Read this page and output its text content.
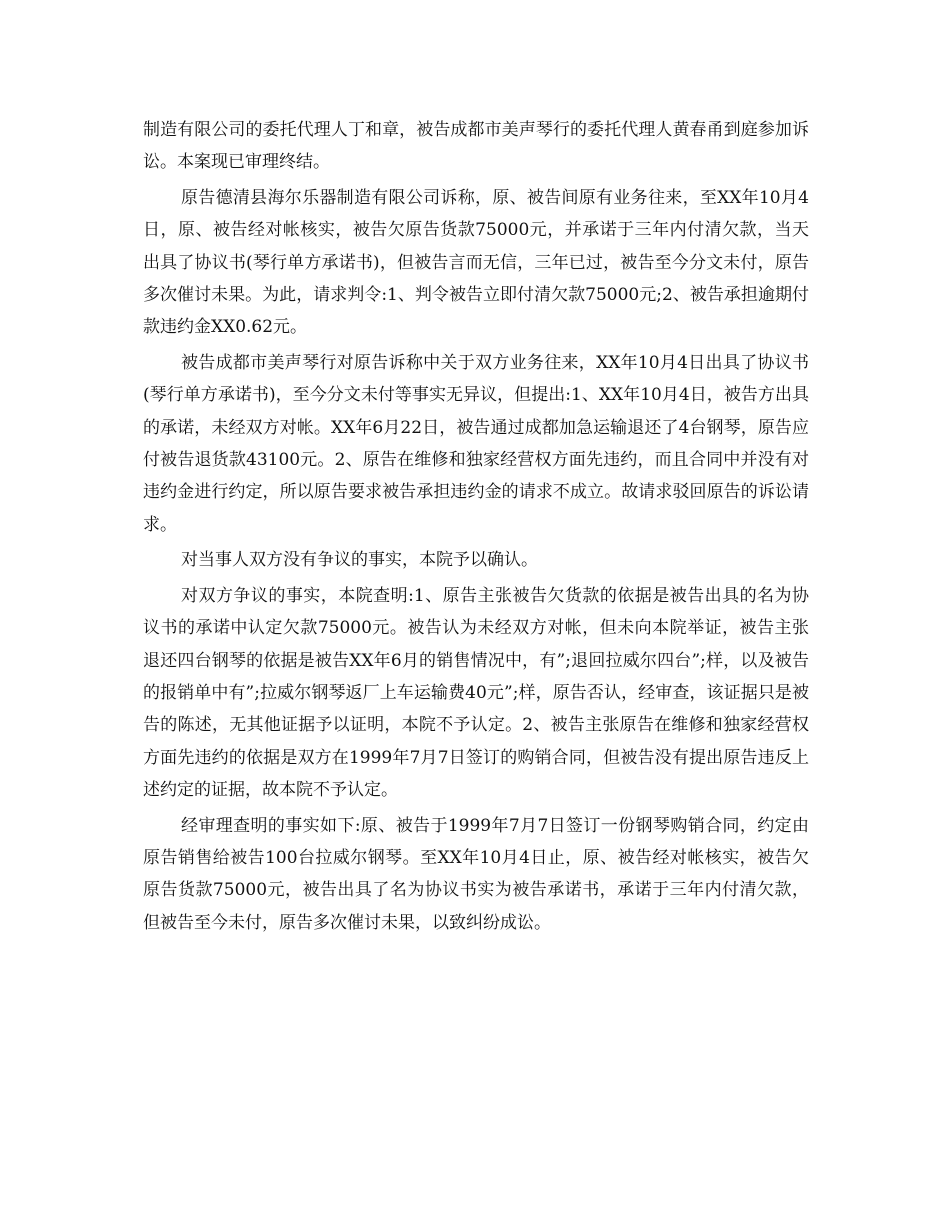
制造有限公司的委托代理人丁和章，被告成都市美声琴行的委托代理人黄春甬到庭参加诉讼。本案现已审理终结。

原告德清县海尔乐器制造有限公司诉称，原、被告间原有业务往来，至XX年10月4日，原、被告经对帐核实，被告欠原告货款75000元，并承诺于三年内付清欠款，当天出具了协议书(琴行单方承诺书)，但被告言而无信，三年已过，被告至今分文未付，原告多次催讨未果。为此，请求判令:1、判令被告立即付清欠款75000元;2、被告承担逾期付款违约金XX0.62元。

被告成都市美声琴行对原告诉称中关于双方业务往来，XX年10月4日出具了协议书(琴行单方承诺书)，至今分文未付等事实无异议，但提出:1、XX年10月4日，被告方出具的承诺，未经双方对帐。XX年6月22日，被告通过成都加急运输退还了4台钢琴，原告应付被告退货款43100元。2、原告在维修和独家经营权方面先违约，而且合同中并没有对违约金进行约定，所以原告要求被告承担违约金的请求不成立。故请求驳回原告的诉讼请求。

对当事人双方没有争议的事实，本院予以确认。

对双方争议的事实，本院查明:1、原告主张被告欠货款的依据是被告出具的名为协议书的承诺中认定欠款75000元。被告认为未经双方对帐，但未向本院举证，被告主张退还四台钢琴的依据是被告XX年6月的销售情况中，有”;退回拉威尔四台”;样，以及被告的报销单中有”;拉威尔钢琴返厂上车运输费40元”;样，原告否认，经审查，该证据只是被告的陈述，无其他证据予以证明，本院不予认定。2、被告主张原告在维修和独家经营权方面先违约的依据是双方在1999年7月7日签订的购销合同，但被告没有提出原告违反上述约定的证据，故本院不予认定。

经审理查明的事实如下:原、被告于1999年7月7日签订一份钢琴购销合同，约定由原告销售给被告100台拉威尔钢琴。至XX年10月4日止，原、被告经对帐核实，被告欠原告货款75000元，被告出具了名为协议书实为被告承诺书，承诺于三年内付清欠款，但被告至今未付，原告多次催讨未果，以致纠纷成讼。
